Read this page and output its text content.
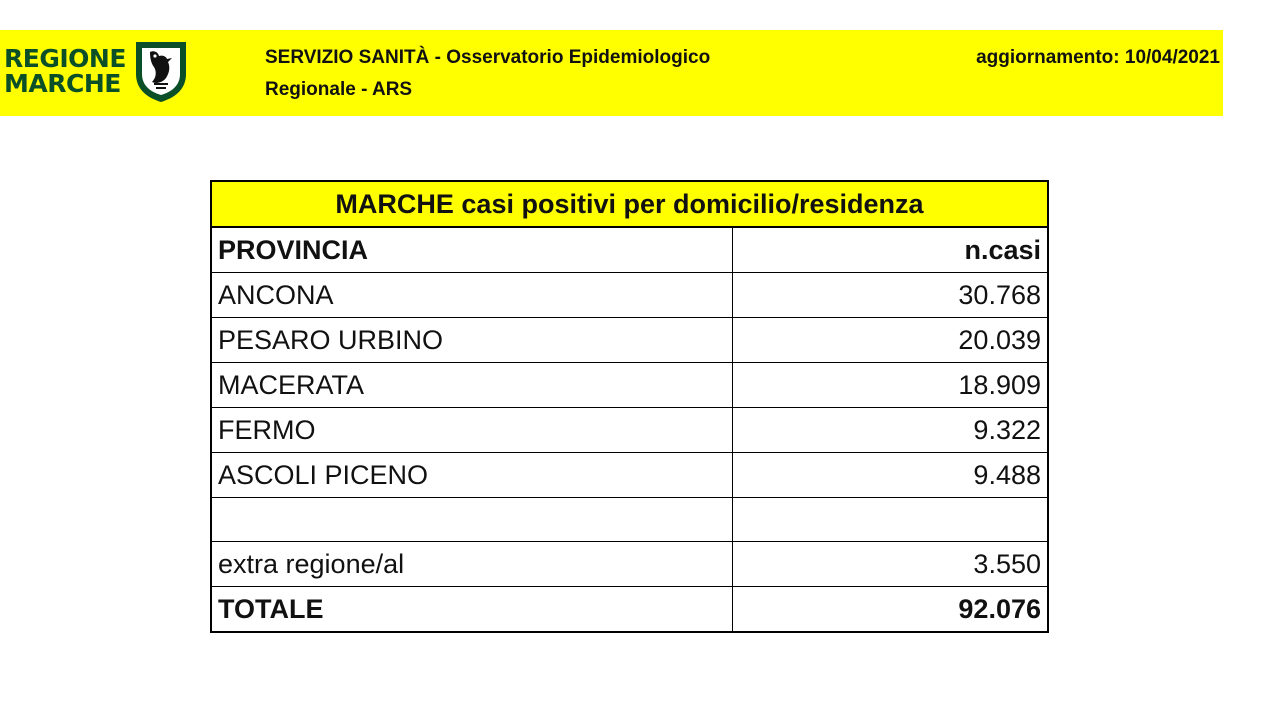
REGIONE
MARCHE
SERVIZIO SANITÀ - Osservatorio Epidemiologico
Regionale - ARS
aggiornamento: 10/04/2021
MARCHE casi positivi per domicilio/residenza	
PROVINCIA	n.casi
ANCONA	30.768
PESARO URBINO	20.039
MACERATA	18.909
FERMO	9.322
ASCOLI PICENO	9.488

extra regione/al	3.550
TOTALE	92.076
